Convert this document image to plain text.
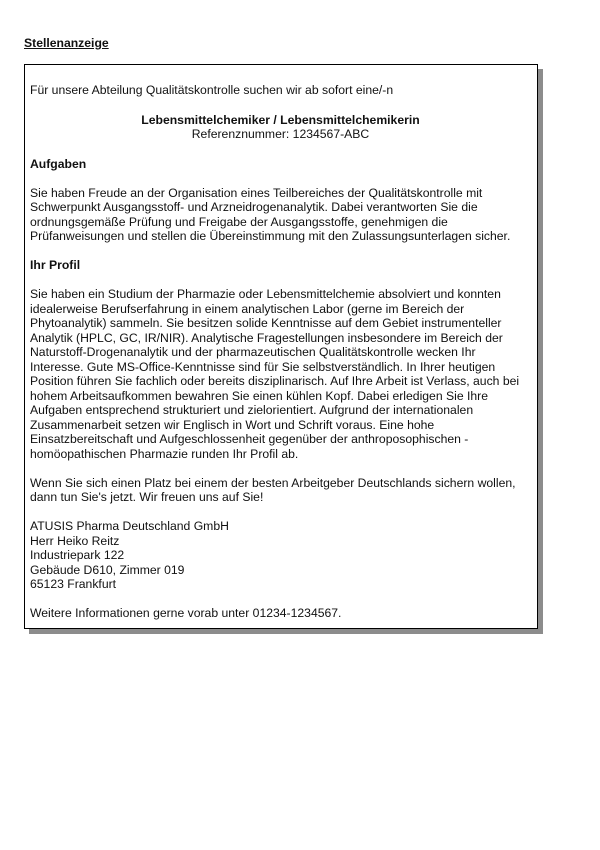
Stellenanzeige

Für unsere Abteilung Qualitätskontrolle suchen wir ab sofort eine/-n

Lebensmittelchemiker / Lebensmittelchemikerin
Referenznummer: 1234567-ABC

Aufgaben

Sie haben Freude an der Organisation eines Teilbereiches der Qualitätskontrolle mit Schwerpunkt Ausgangsstoff- und Arzneidrogenanalytik. Dabei verantworten Sie die ordnungsgemäße Prüfung und Freigabe der Ausgangsstoffe, genehmigen die Prüfanweisungen und stellen die Übereinstimmung mit den Zulassungsunterlagen sicher.

Ihr Profil

Sie haben ein Studium der Pharmazie oder Lebensmittelchemie absolviert und konnten idealerweise Berufserfahrung in einem analytischen Labor (gerne im Bereich der Phytoanalytik) sammeln. Sie besitzen solide Kenntnisse auf dem Gebiet instrumenteller Analytik (HPLC, GC, IR/NIR). Analytische Fragestellungen insbesondere im Bereich der Naturstoff-Drogenanalytik und der pharmazeutischen Qualitätskontrolle wecken Ihr Interesse. Gute MS-Office-Kenntnisse sind für Sie selbstverständlich. In Ihrer heutigen Position führen Sie fachlich oder bereits disziplinarisch. Auf Ihre Arbeit ist Verlass, auch bei hohem Arbeitsaufkommen bewahren Sie einen kühlen Kopf. Dabei erledigen Sie Ihre Aufgaben entsprechend strukturiert und zielorientiert. Aufgrund der internationalen Zusammenarbeit setzen wir Englisch in Wort und Schrift voraus. Eine hohe Einsatzbereitschaft und Aufgeschlossenheit gegenüber der anthroposophischen - homöopathischen Pharmazie runden Ihr Profil ab.

Wenn Sie sich einen Platz bei einem der besten Arbeitgeber Deutschlands sichern wollen, dann tun Sie's jetzt. Wir freuen uns auf Sie!

ATUSIS Pharma Deutschland GmbH
Herr Heiko Reitz
Industriepark 122
Gebäude D610, Zimmer 019
65123 Frankfurt

Weitere Informationen gerne vorab unter 01234-1234567.
